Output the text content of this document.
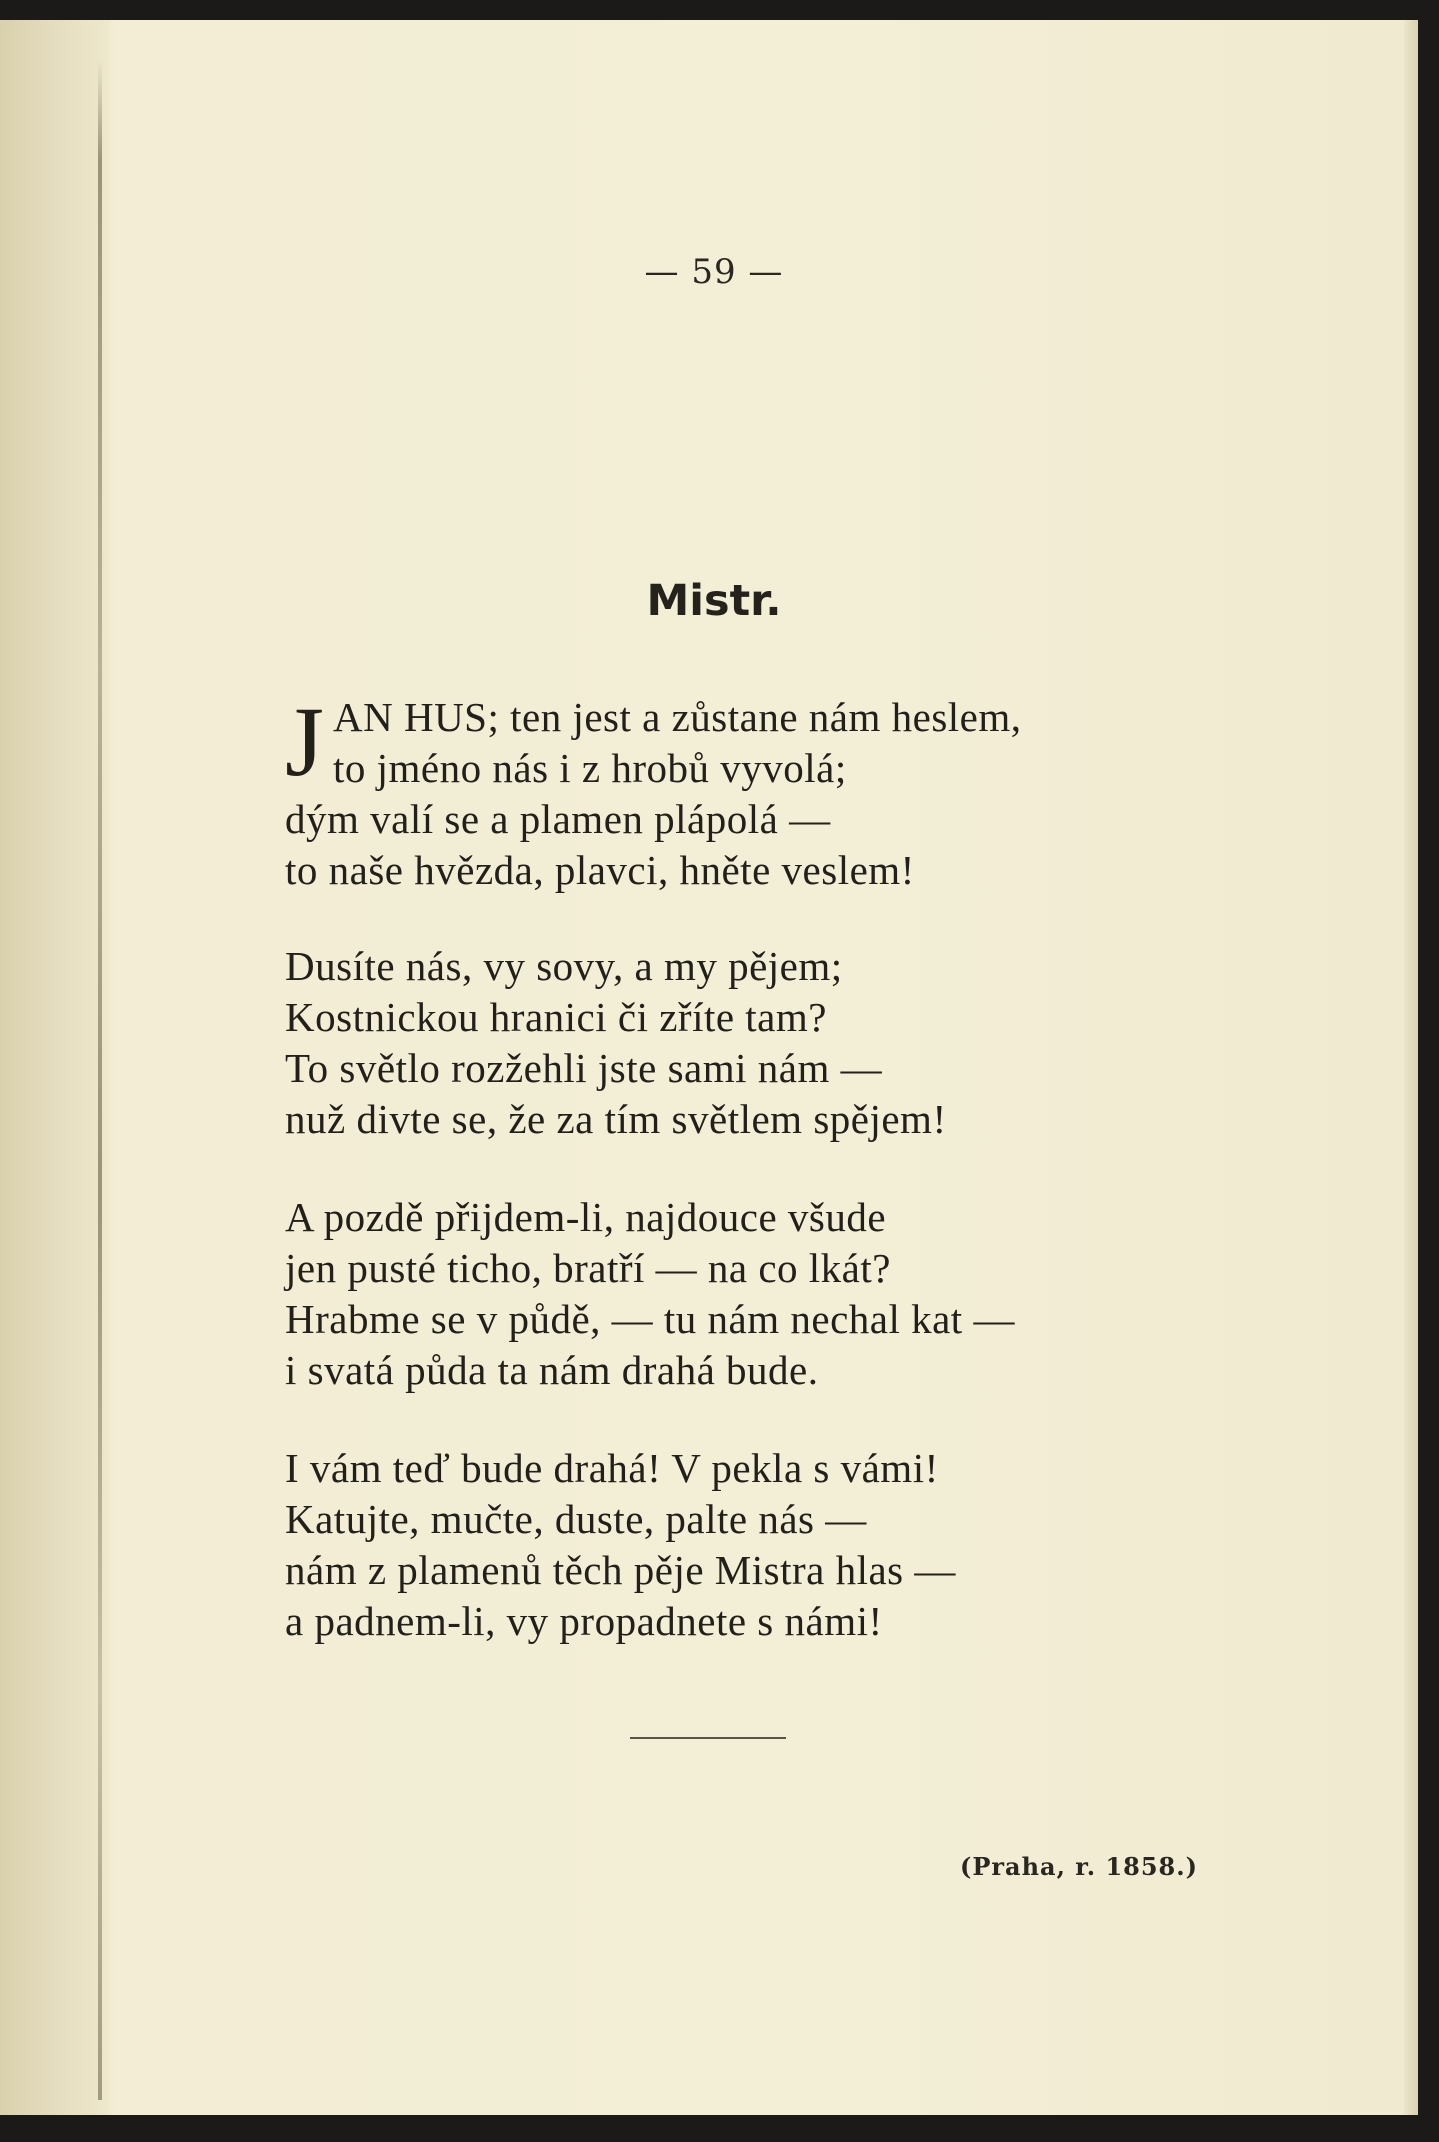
— 59 —
Mistr.
J AN HUS; ten jest a zůstane nám heslem,
to jméno nás i z hrobů vyvolá;
dým valí se a plamen plápolá —
to naše hvězda, plavci, hněte veslem!
Dusíte nás, vy sovy, a my pějem;
Kostnickou hranici či zříte tam?
To světlo rozžehli jste sami nám —
nuž divte se, že za tím světlem spějem!
A pozdě přijdem-li, najdouce všude
jen pusté ticho, bratří — na co lkát?
Hrabme se v půdě, — tu nám nechal kat —
i svatá půda ta nám drahá bude.
I vám teď bude drahá! V pekla s vámi!
Katujte, mučte, duste, palte nás —
nám z plamenů těch pěje Mistra hlas —
a padnem-li, vy propadnete s námi!
(Praha, r. 1858.)
